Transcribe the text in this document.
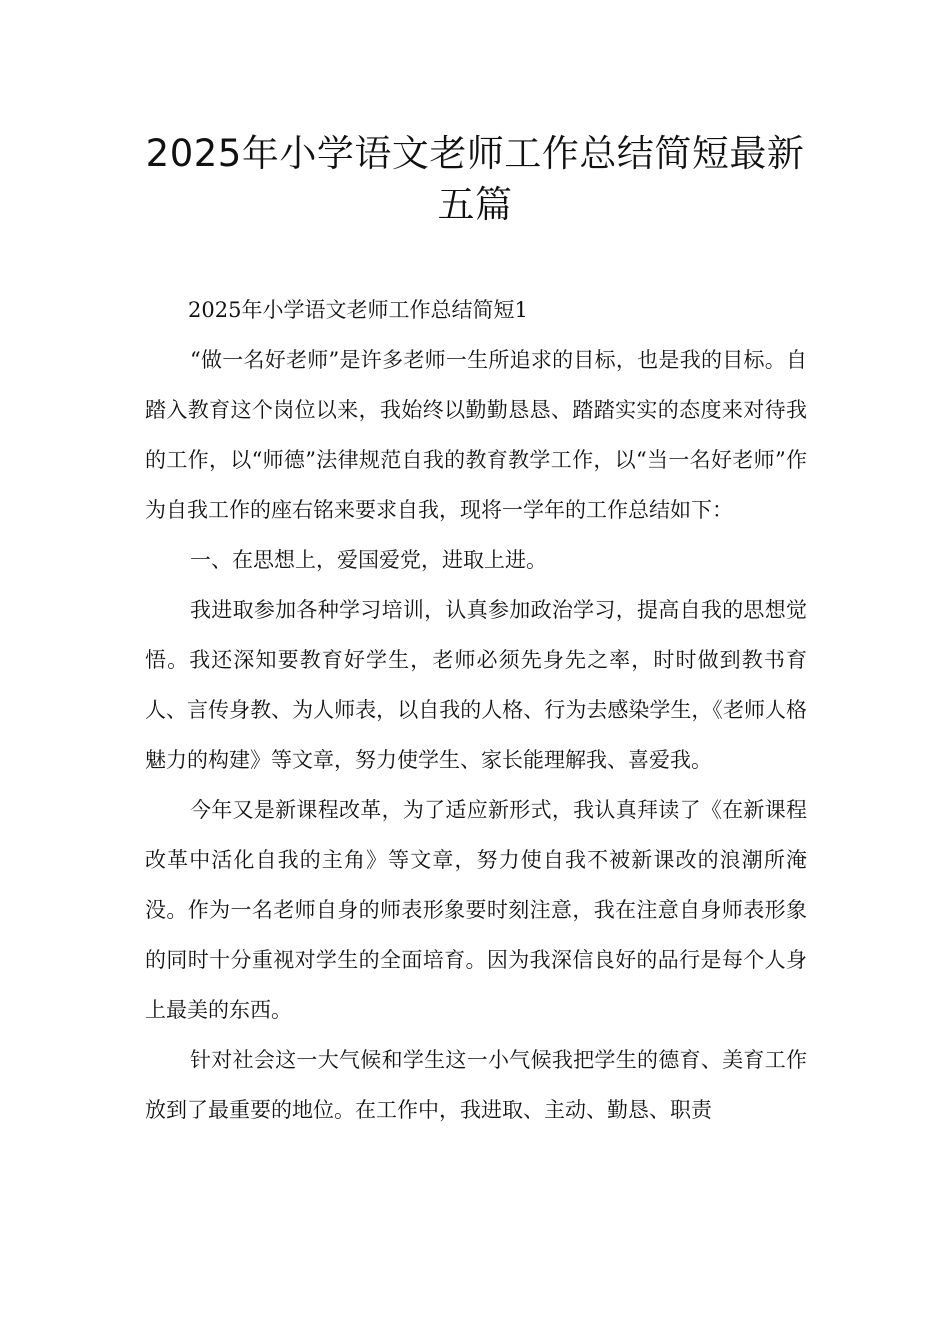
2025年小学语文老师工作总结简短最新
五篇

2025年小学语文老师工作总结简短1

“做一名好老师”是许多老师一生所追求的目标，也是我的目标。自踏入教育这个岗位以来，我始终以勤勤恳恳、踏踏实实的态度来对待我的工作，以“师德”法律规范自我的教育教学工作，以“当一名好老师”作为自我工作的座右铭来要求自我，现将一学年的工作总结如下：

一、在思想上，爱国爱党，进取上进。

我进取参加各种学习培训，认真参加政治学习，提高自我的思想觉悟。我还深知要教育好学生，老师必须先身先之率，时时做到教书育人、言传身教、为人师表，以自我的人格、行为去感染学生，《老师人格魅力的构建》等文章，努力使学生、家长能理解我、喜爱我。

今年又是新课程改革，为了适应新形式，我认真拜读了《在新课程改革中活化自我的主角》等文章，努力使自我不被新课改的浪潮所淹没。作为一名老师自身的师表形象要时刻注意，我在注意自身师表形象的同时十分重视对学生的全面培育。因为我深信良好的品行是每个人身上最美的东西。

针对社会这一大气候和学生这一小气候我把学生的德育、美育工作放到了最重要的地位。在工作中，我进取、主动、勤恳、职责
